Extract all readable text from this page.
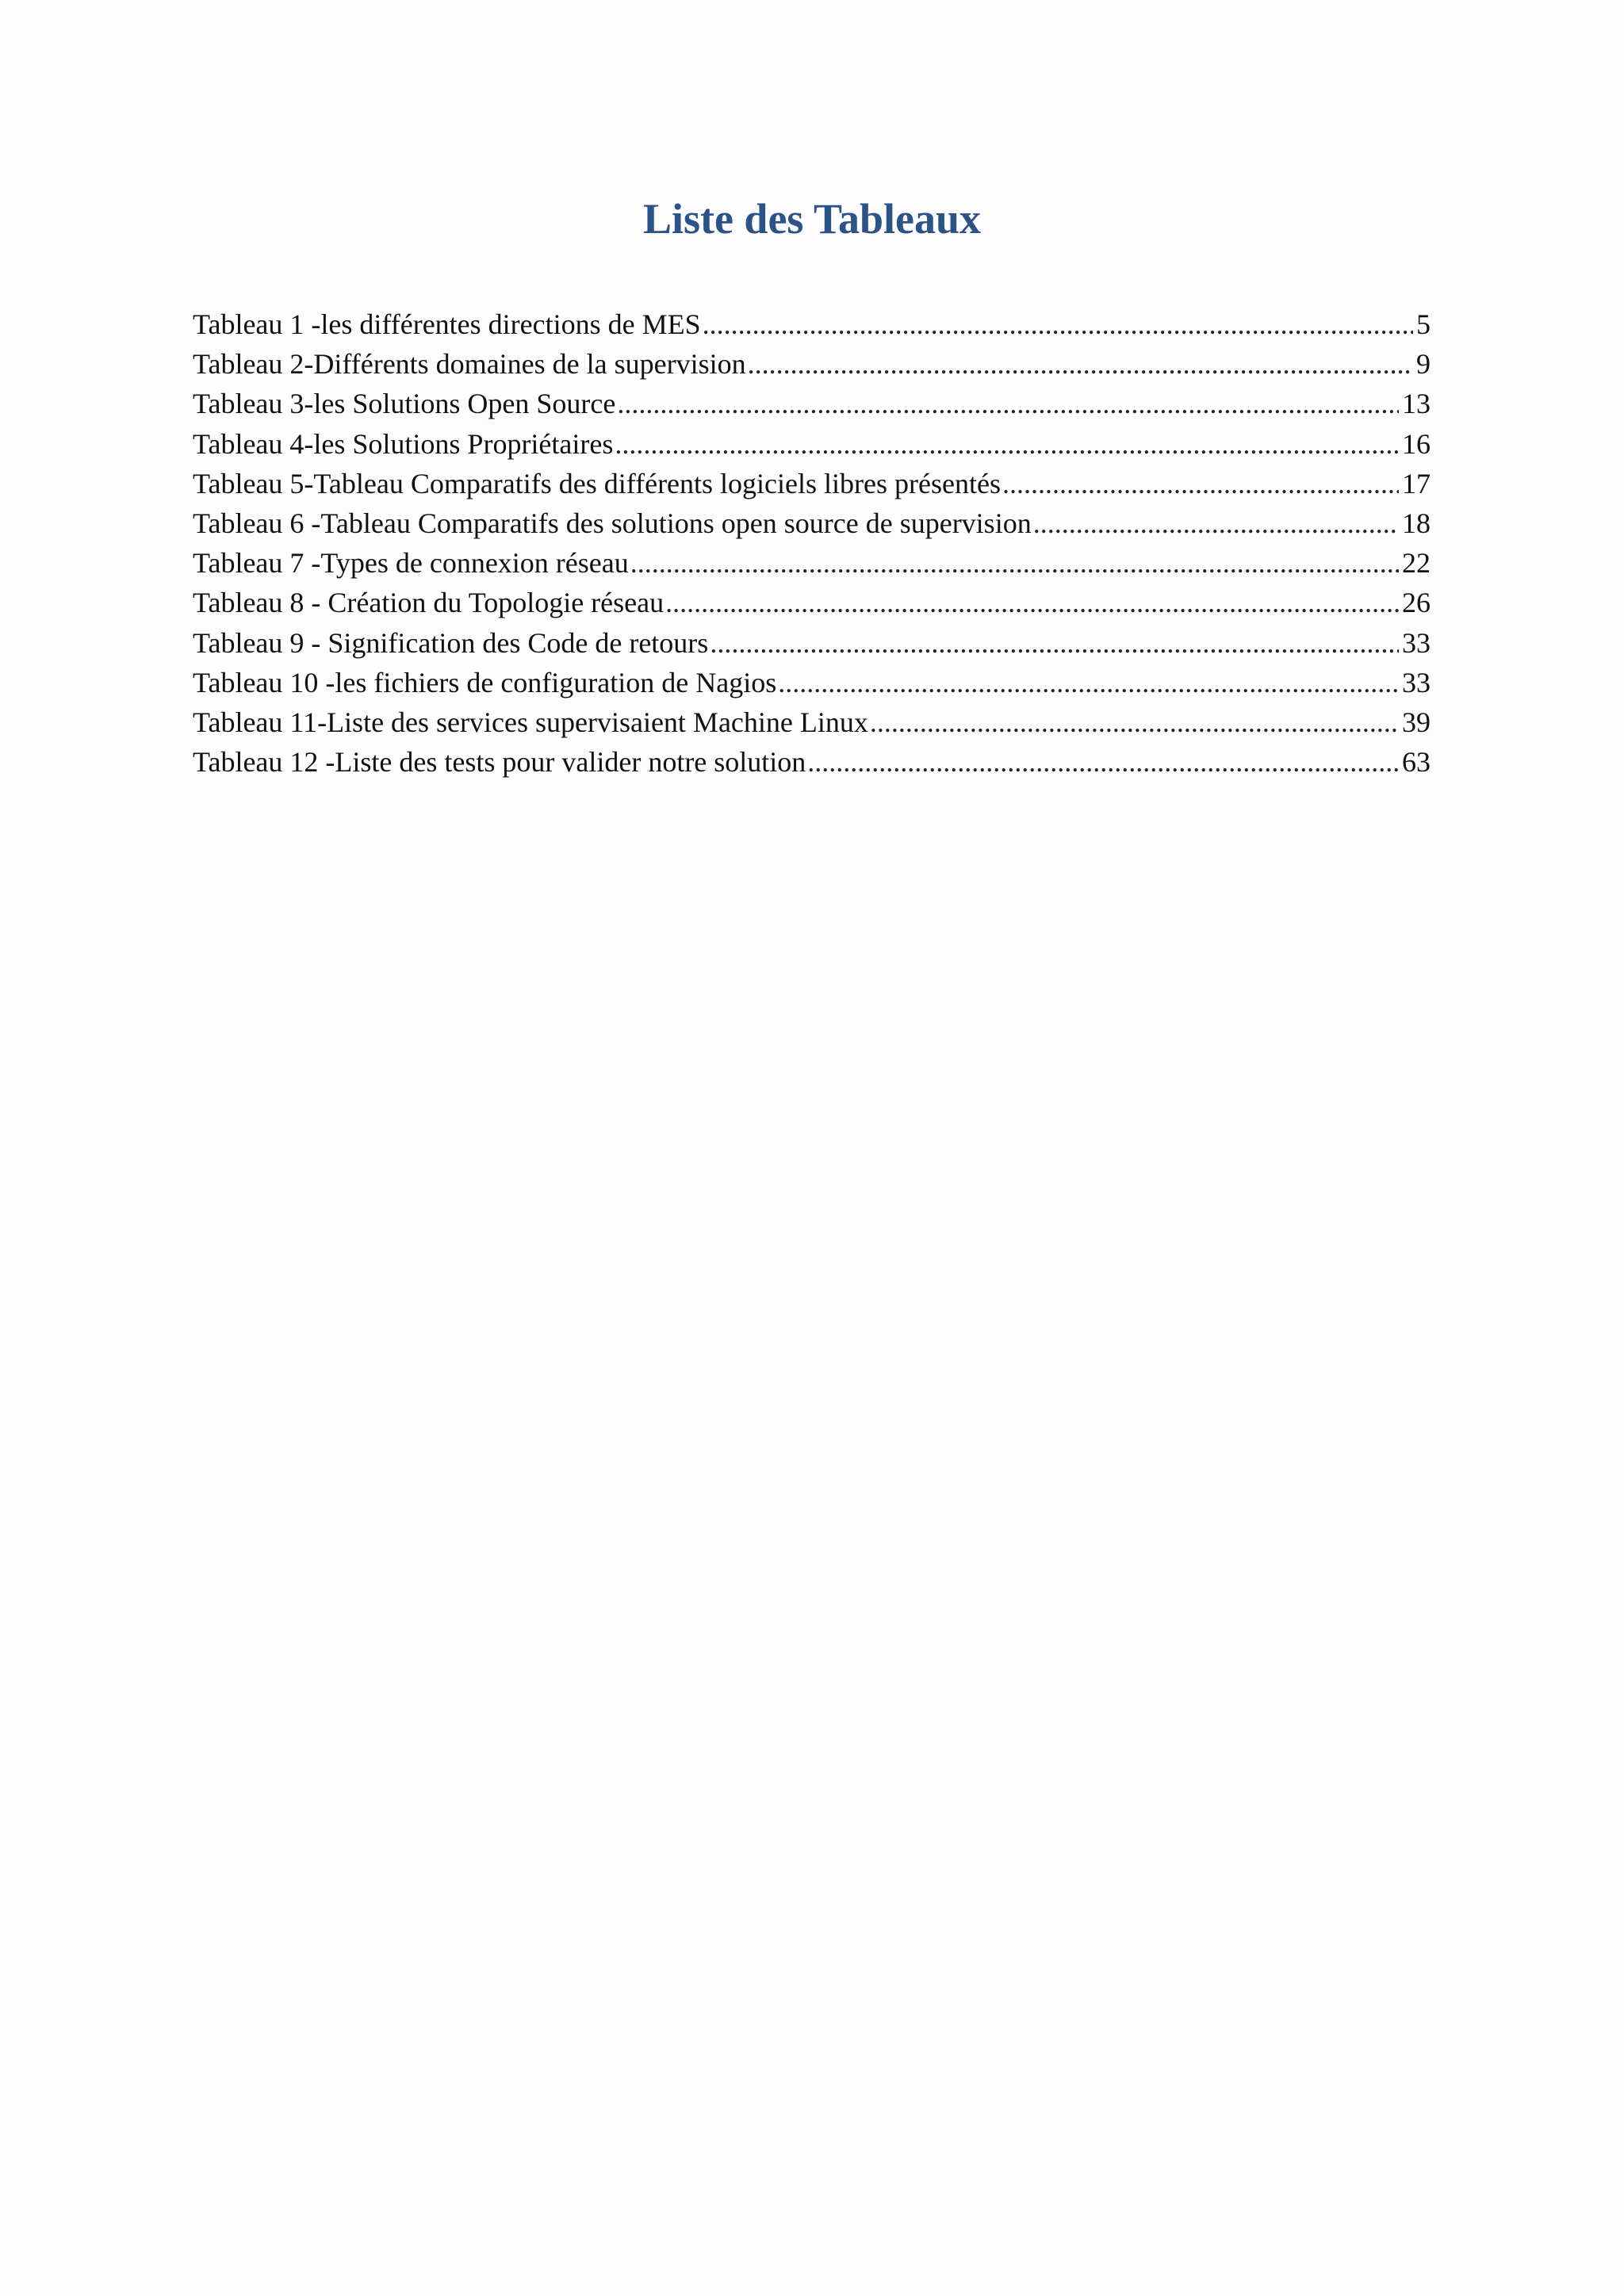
Liste des Tableaux
Tableau 1 -les différentes directions de MES .....	5
Tableau 2-Différents domaines de la supervision .....	9
Tableau 3-les Solutions Open Source .....	13
Tableau 4-les Solutions Propriétaires .....	16
Tableau 5-Tableau Comparatifs des différents logiciels libres présentés .....	17
Tableau 6 -Tableau Comparatifs des solutions open source de supervision .....	18
Tableau 7 -Types de connexion réseau .....	22
Tableau 8 - Création du Topologie réseau .....	26
Tableau 9 - Signification des Code de retours .....	33
Tableau 10 -les fichiers de configuration de Nagios .....	33
Tableau 11-Liste des services supervisaient Machine Linux .....	39
Tableau 12 -Liste des tests pour valider notre solution .....	63
